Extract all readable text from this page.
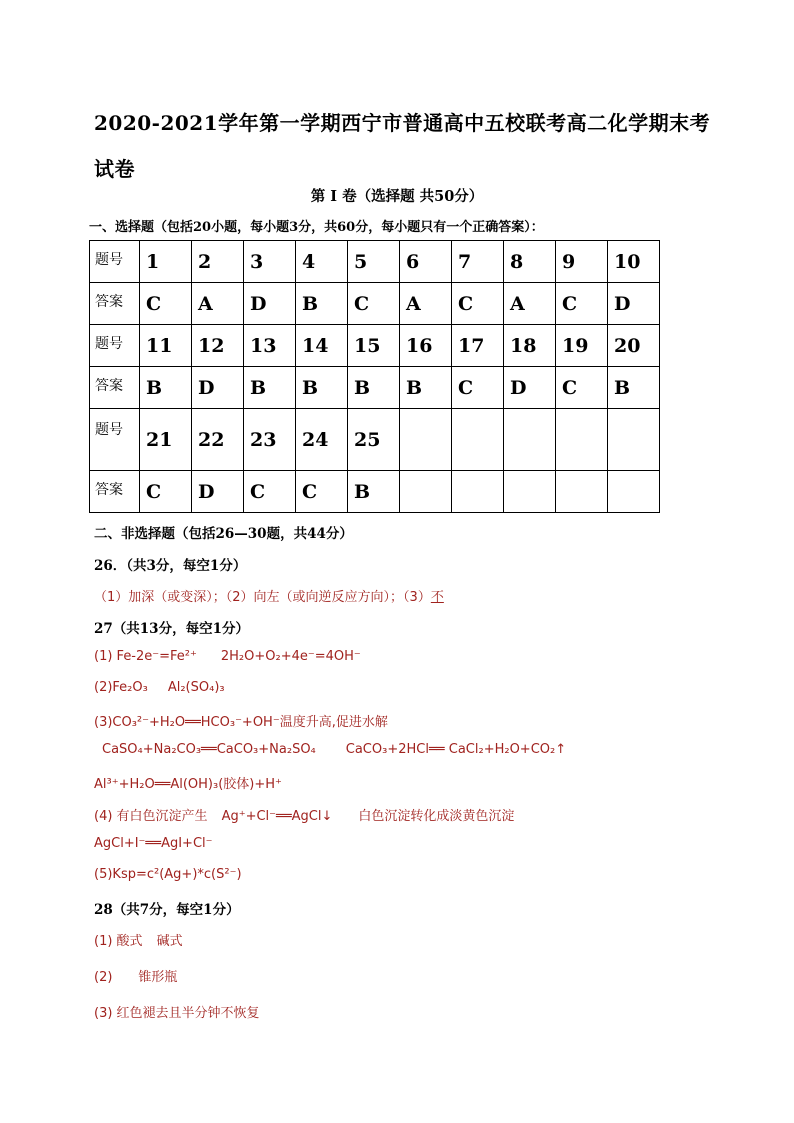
2020-2021学年第一学期西宁市普通高中五校联考高二化学期末考试卷
第 I 卷（选择题 共50分）
一、选择题（包括20小题，每小题3分，共60分，每小题只有一个正确答案）：
题号	1	2	3	4	5	6	7	8	9	10
答案	C	A	D	B	C	A	C	A	C	D
题号	11	12	13	14	15	16	17	18	19	20
答案	B	D	B	B	B	B	C	D	C	B
题号	21	22	23	24	25					
答案	C	D	C	C	B					
二、非选择题（包括26—30题，共44分）
26．（共3分，每空1分）
（1）加深（或变深）；（2）向左（或向逆反应方向）；（3）不
27（共13分，每空1分）
(1) Fe-2e⁻=Fe²⁺ 2H₂O+O₂+4e⁻=4OH⁻
(2)Fe₂O₃ Al₂(SO₄)₃
(3)CO₃²⁻+H₂O══HCO₃⁻+OH⁻温度升高,促进水解
CaSO₄+Na₂CO₃══CaCO₃+Na₂SO₄ CaCO₃+2HCl══ CaCl₂+H₂O+CO₂↑
Al³⁺+H₂O══Al(OH)₃(胶体)+H⁺
(4) 有白色沉淀产生 Ag⁺+Cl⁻══AgCl↓ 白色沉淀转化成淡黄色沉淀
AgCl+I⁻══AgI+Cl⁻
(5)Ksp=c²(Ag+)*c(S²⁻)
28（共7分，每空1分）
(1) 酸式 碱式
(2) 锥形瓶
(3) 红色褪去且半分钟不恢复
